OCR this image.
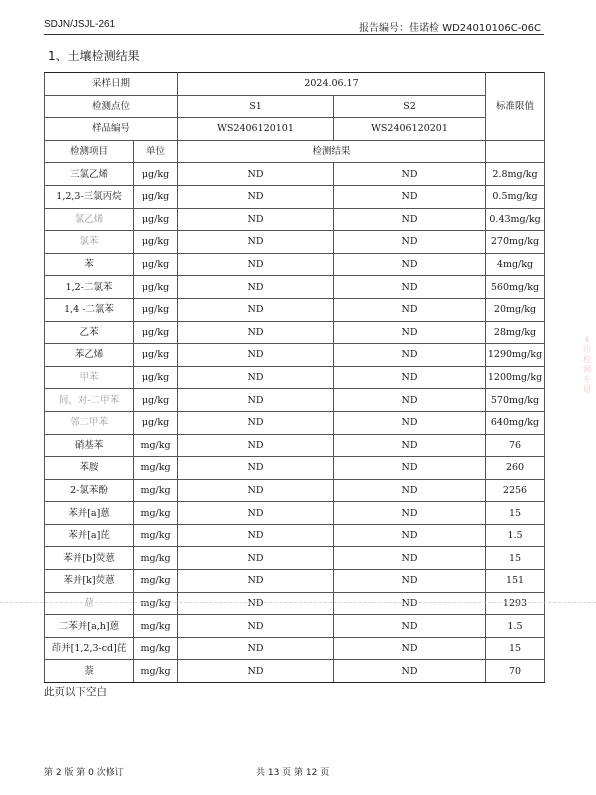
SDJN/JSJL-261	报告编号：佳诺检 WD24010106C-06C
1、土壤检测结果
采样日期		2024.06.17		标准限值
检测点位		S1	S2	
样品编号		WS2406120101	WS2406120201	
检测项目	单位	检测结果		
三氯乙烯	μg/kg	ND	ND	2.8mg/kg
1,2,3-三氯丙烷	μg/kg	ND	ND	0.5mg/kg
氯乙烯	μg/kg	ND	ND	0.43mg/kg
氯苯	μg/kg	ND	ND	270mg/kg
苯	μg/kg	ND	ND	4mg/kg
1,2-二氯苯	μg/kg	ND	ND	560mg/kg
1,4 -二氯苯	μg/kg	ND	ND	20mg/kg
乙苯	μg/kg	ND	ND	28mg/kg
苯乙烯	μg/kg	ND	ND	1290mg/kg
甲苯	μg/kg	ND	ND	1200mg/kg
间，对-二甲苯	μg/kg	ND	ND	570mg/kg
邻二甲苯	μg/kg	ND	ND	640mg/kg
硝基苯	mg/kg	ND	ND	76
苯胺	mg/kg	ND	ND	260
2-氯苯酚	mg/kg	ND	ND	2256
苯并[a]蒽	mg/kg	ND	ND	15
苯并[a]芘	mg/kg	ND	ND	1.5
苯并[b]荧蒽	mg/kg	ND	ND	15
苯并[k]荧蒽	mg/kg	ND	ND	151
䓛	mg/kg	ND	ND	1293
二苯并[a,h]蒽	mg/kg	ND	ND	1.5
茚并[1,2,3-cd]芘	mg/kg	ND	ND	15
萘	mg/kg	ND	ND	70
ℹ
印
检
测
专
用
此页以下空白
第 2 版 第 0 次修订	共 13 页 第 12 页
